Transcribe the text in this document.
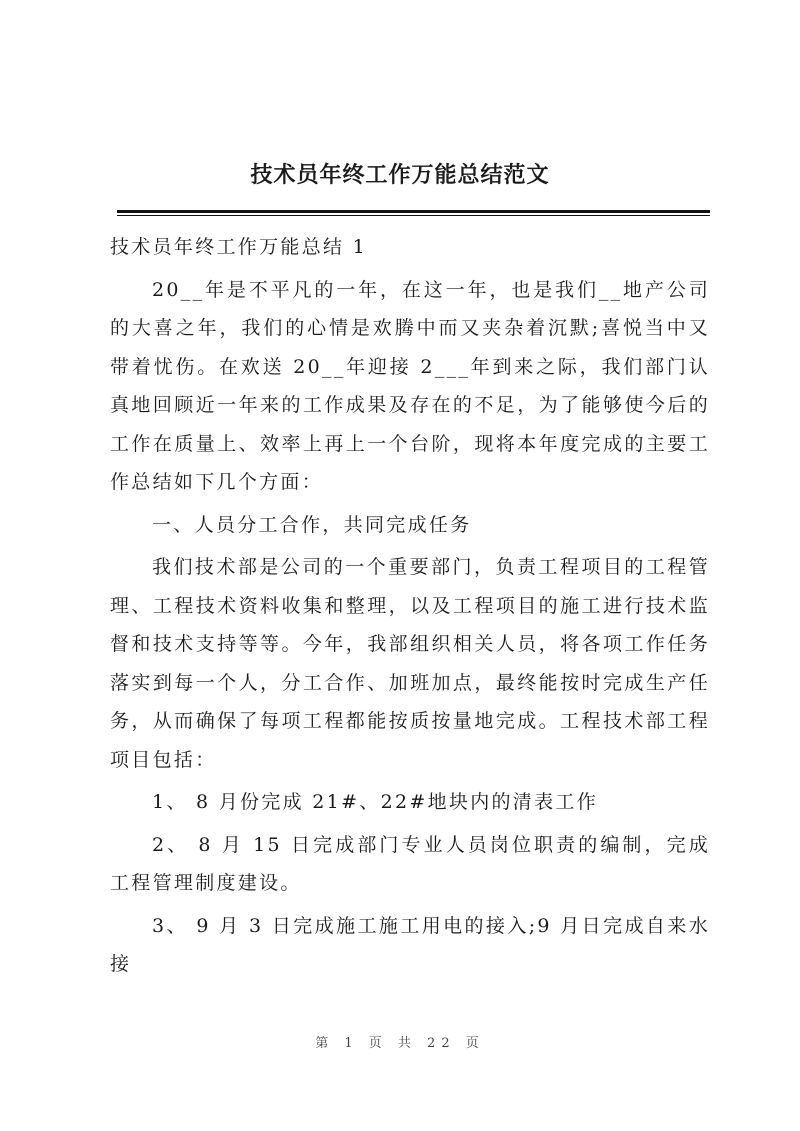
技术员年终工作万能总结范文

技术员年终工作万能总结 1

20__年是不平凡的一年，在这一年，也是我们__地产公司的大喜之年，我们的心情是欢腾中而又夹杂着沉默;喜悦当中又带着忧伤。在欢送 20__年迎接 2___年到来之际，我们部门认真地回顾近一年来的工作成果及存在的不足，为了能够使今后的工作在质量上、效率上再上一个台阶，现将本年度完成的主要工作总结如下几个方面：

一、人员分工合作，共同完成任务

我们技术部是公司的一个重要部门，负责工程项目的工程管理、工程技术资料收集和整理，以及工程项目的施工进行技术监督和技术支持等等。今年，我部组织相关人员，将各项工作任务落实到每一个人，分工合作、加班加点，最终能按时完成生产任务，从而确保了每项工程都能按质按量地完成。工程技术部工程项目包括：

1、 8 月份完成 21#、22#地块内的清表工作

2、 8 月 15 日完成部门专业人员岗位职责的编制，完成工程管理制度建设。

3、 9 月 3 日完成施工施工用电的接入;9 月日完成自来水接

第 1 页 共 22 页
